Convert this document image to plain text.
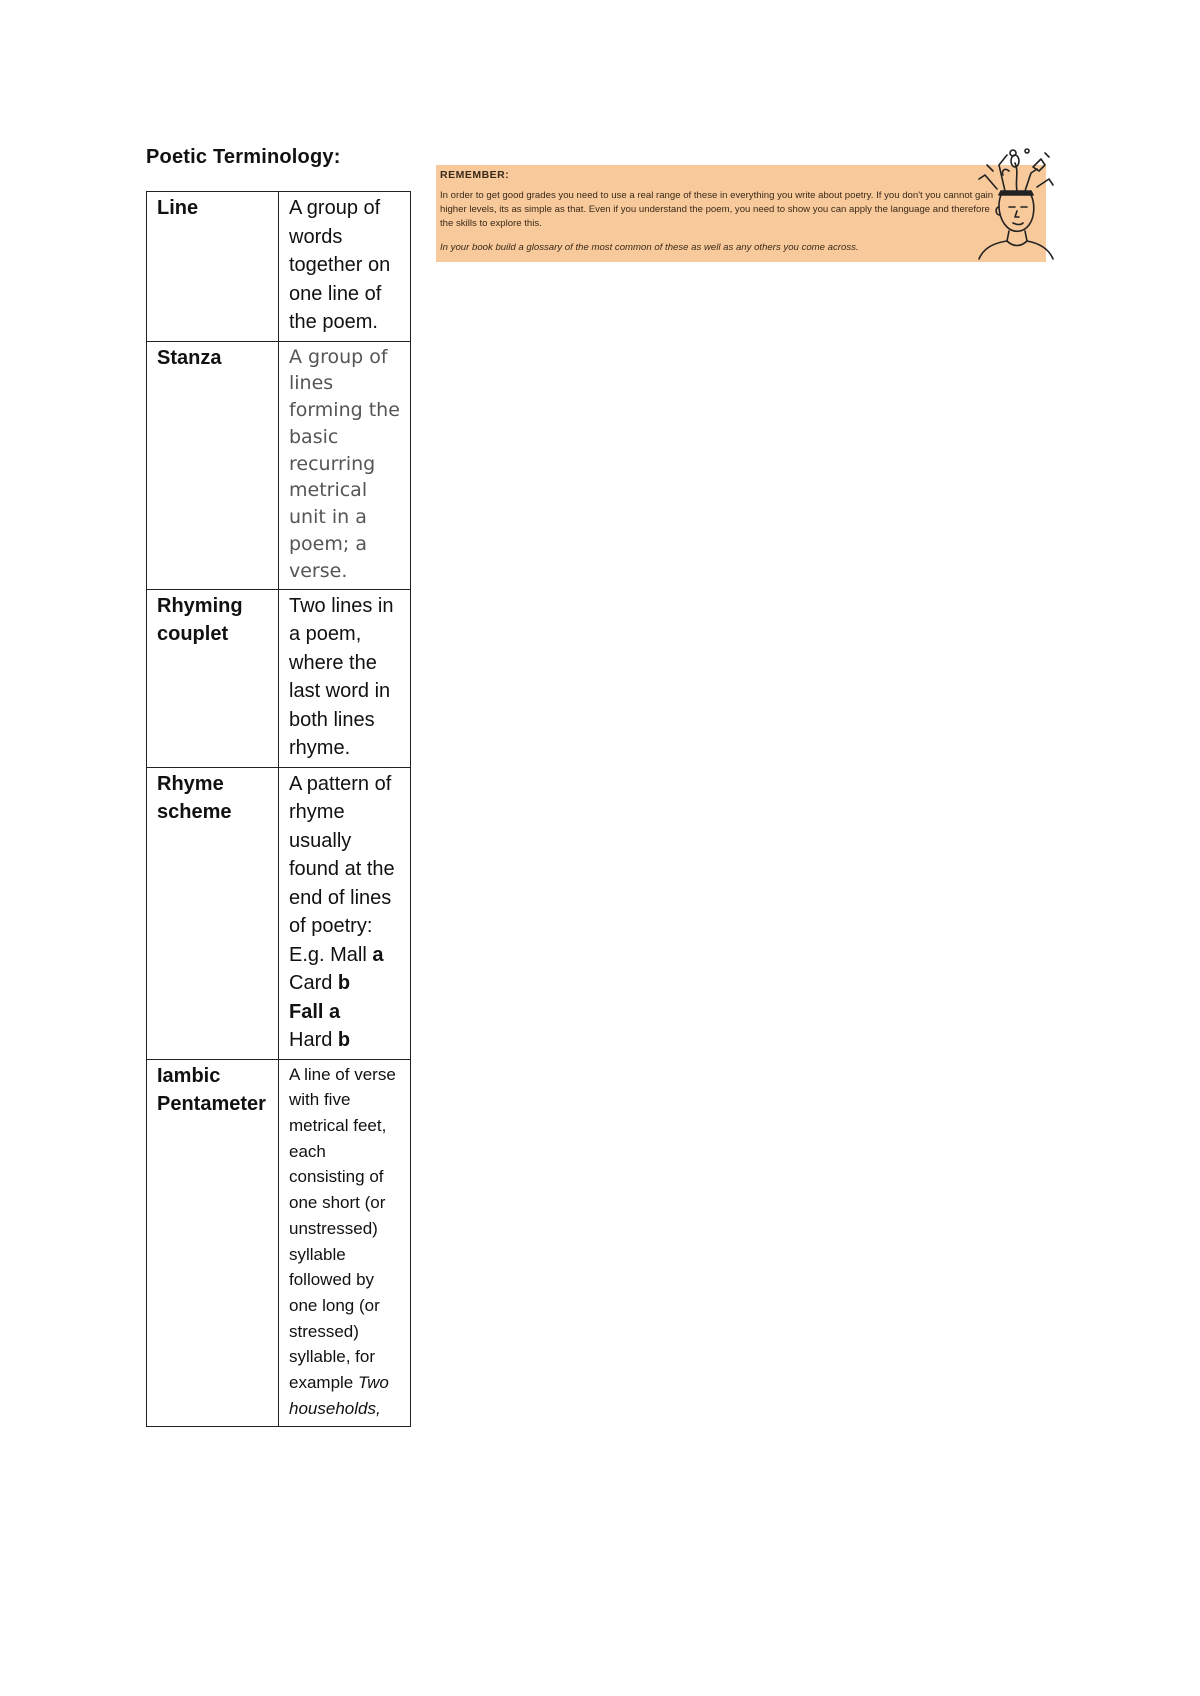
Poetic Terminology:
Line	A group of words together on one line of the poem.
Stanza	A group of lines forming the basic recurring metrical unit in a poem; a verse.
Rhyming couplet	Two lines in a poem, where the last word in both lines rhyme.
Rhyme scheme	A pattern of rhyme usually found at the end of lines of poetry:
E.g. Mall a
Card b
Fall a
Hard b

Iambic Pentameter	A line of verse with five metrical feet, each consisting of one short (or unstressed) syllable followed by one long (or stressed) syllable, for example Two households,
REMEMBER:
In order to get good grades you need to use a real range of these in everything you write about poetry. If you don't you cannot gain higher levels, its as simple as that. Even if you understand the poem, you need to show you can apply the language and therefore the skills to explore this.
In your book build a glossary of the most common of these as well as any others you come across.
